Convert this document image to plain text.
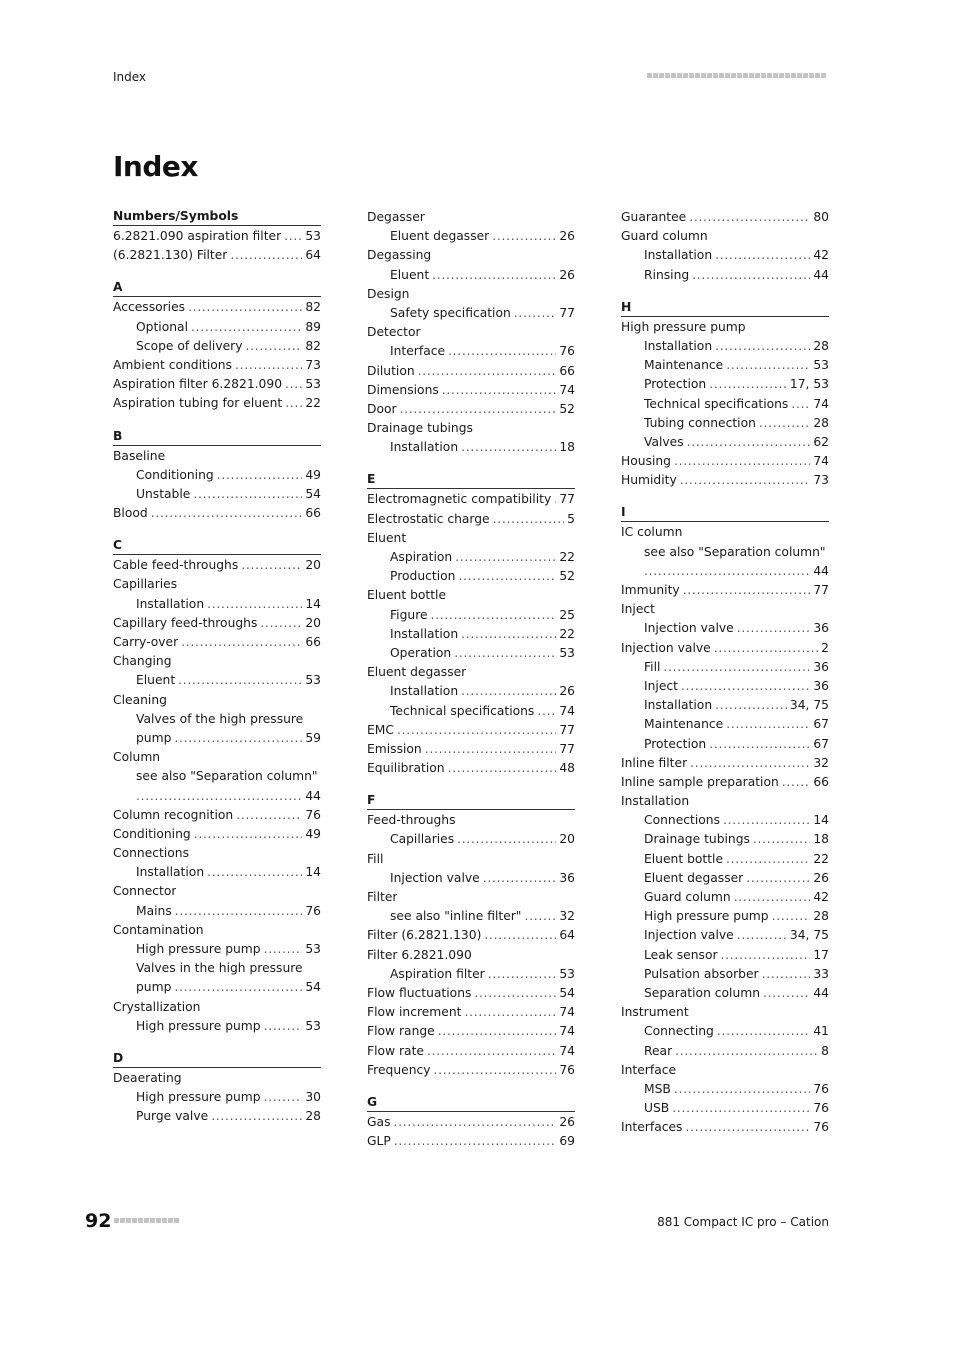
Index
Index
Numbers/Symbols
6.2821.090 aspiration filter . . . 53
(6.2821.130) Filter . . .	64
A
Accessories . . .	82
Optional . . .	89
Scope of delivery . . .	82
Ambient conditions . . .	73
Aspiration filter 6.2821.090 . . . 53
Aspiration tubing for eluent . . . 22
B
Baseline
Conditioning . . .	49
Unstable . . .	54
Blood . . .	66
C
Cable feed-throughs . . .	20
Capillaries
Installation . . .	14
Capillary feed-throughs . . .	20
Carry-over . . .	66
Changing
Eluent . . .	53
Cleaning
Valves of the high pressure
pump . . .	59
Column
see also "Separation column"
. . .
44
Column recognition . . .	76
Conditioning . . .	49
Connections
Installation . . .	14
Connector
Mains . . .	76
Contamination
High pressure pump . . .	53
Valves in the high pressure
pump . . .	54
Crystallization
High pressure pump . . .	53
D
Deaerating
High pressure pump . . .	30
Purge valve . . .	28
Degasser
Eluent degasser . . .	26
Degassing
Eluent . . .	26
Design
Safety specification . . .	77
Detector
Interface . . .	76
Dilution . . .	66
Dimensions . . .	74
Door . . .	52
Drainage tubings
Installation . . .	18
E
Electromagnetic compatibility . . . 77
Electrostatic charge . . .	5
Eluent
Aspiration . . .	22
Production . . .	52
Eluent bottle
Figure . . .	25
Installation . . .	22
Operation . . .	53
Eluent degasser
Installation . . .	26
Technical specifications . . . 74
EMC . . .	77
Emission . . .	77
Equilibration . . .	48
F
Feed-throughs
Capillaries . . .	20
Fill
Injection valve . . .	36
Filter
see also "inline filter" . . .	32
Filter (6.2821.130) . . .	64
Filter 6.2821.090
Aspiration filter . . .	53
Flow fluctuations . . .	54
Flow increment . . .	74
Flow range . . .	74
Flow rate . . .	74
Frequency . . .	76
G
Gas . . .	26
GLP . . .	69
Guarantee . . .	80
Guard column
Installation . . .	42
Rinsing . . .	44
H
High pressure pump
Installation . . .	28
Maintenance . . .	53
Protection . . .	17, 53
Technical specifications . . . 74
Tubing connection . . .	28
Valves . . .	62
Housing . . .	74
Humidity . . .	73
I
IC column
see also "Separation column"
. . .
44
Immunity . . .	77
Inject
Injection valve . . .	36
Injection valve . . .	2
Fill . . .	36
Inject . . .	36
Installation . . .	34, 75
Maintenance . . .	67
Protection . . .	67
Inline filter . . .	32
Inline sample preparation . . .	66
Installation
Connections . . .	14
Drainage tubings . . .	18
Eluent bottle . . .	22
Eluent degasser . . .	26
Guard column . . .	42
High pressure pump . . .	28
Injection valve . . .	34, 75
Leak sensor . . .	17
Pulsation absorber . . .	33
Separation column . . .	44
Instrument
Connecting . . .	41
Rear . . .	8
Interface
MSB . . .	76
USB . . .	76
Interfaces . . .	76
92	881 Compact IC pro – Cation
